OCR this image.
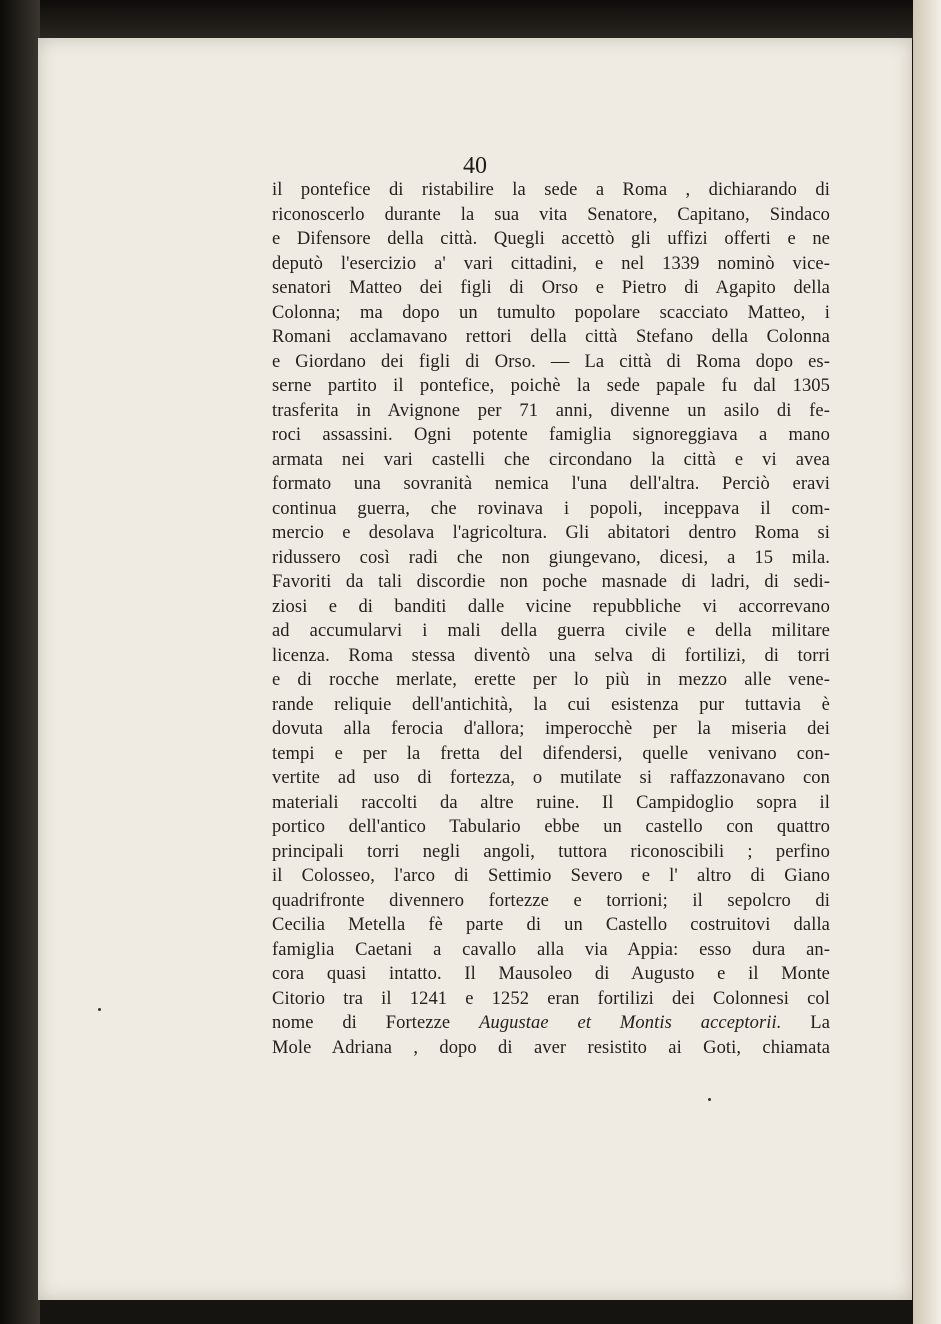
40
il pontefice di ristabilire la sede a Roma , dichiarando di
riconoscerlo durante la sua vita Senatore, Capitano, Sindaco
e Difensore della città. Quegli accettò gli uffizi offerti e ne
deputò l'esercizio a' vari cittadini, e nel 1339 nominò vice-
senatori Matteo dei figli di Orso e Pietro di Agapito della
Colonna; ma dopo un tumulto popolare scacciato Matteo, i
Romani acclamavano rettori della città Stefano della Colonna
e Giordano dei figli di Orso. — La città di Roma dopo es-
serne partito il pontefice, poichè la sede papale fu dal 1305
trasferita in Avignone per 71 anni, divenne un asilo di fe-
roci assassini. Ogni potente famiglia signoreggiava a mano
armata nei vari castelli che circondano la città e vi avea
formato una sovranità nemica l'una dell'altra. Perciò eravi
continua guerra, che rovinava i popoli, inceppava il com-
mercio e desolava l'agricoltura. Gli abitatori dentro Roma si
ridussero così radi che non giungevano, dicesi, a 15 mila.
Favoriti da tali discordie non poche masnade di ladri, di sedi-
ziosi e di banditi dalle vicine repubbliche vi accorrevano
ad accumularvi i mali della guerra civile e della militare
licenza. Roma stessa diventò una selva di fortilizi, di torri
e di rocche merlate, erette per lo più in mezzo alle vene-
rande reliquie dell'antichità, la cui esistenza pur tuttavia è
dovuta alla ferocia d'allora; imperocchè per la miseria dei
tempi e per la fretta del difendersi, quelle venivano con-
vertite ad uso di fortezza, o mutilate si raffazzonavano con
materiali raccolti da altre ruine. Il Campidoglio sopra il
portico dell'antico Tabulario ebbe un castello con quattro
principali torri negli angoli, tuttora riconoscibili ; perfino
il Colosseo, l'arco di Settimio Severo e l' altro di Giano
quadrifronte divennero fortezze e torrioni; il sepolcro di
Cecilia Metella fè parte di un Castello costruitovi dalla
famiglia Caetani a cavallo alla via Appia: esso dura an-
cora quasi intatto. Il Mausoleo di Augusto e il Monte
Citorio tra il 1241 e 1252 eran fortilizi dei Colonnesi col
nome di Fortezze Augustae et Montis acceptorii. La
Mole Adriana , dopo di aver resistito ai Goti, chiamata
